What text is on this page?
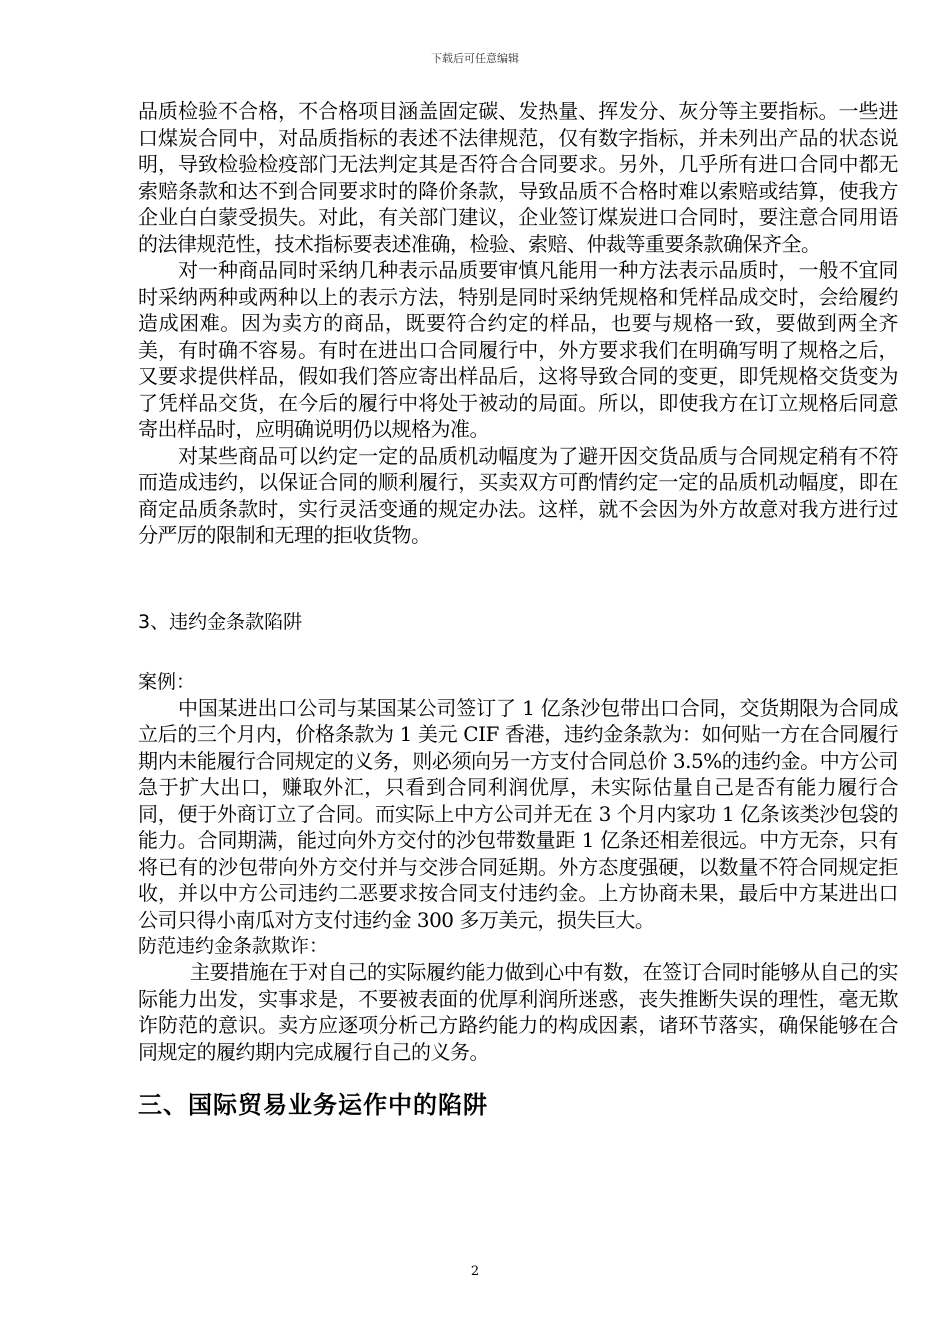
下载后可任意编辑

品质检验不合格，不合格项目涵盖固定碳、发热量、挥发分、灰分等主要指标。一些进口煤炭合同中，对品质指标的表述不法律规范，仅有数字指标，并未列出产品的状态说明，导致检验检疫部门无法判定其是否符合合同要求。另外，几乎所有进口合同中都无索赔条款和达不到合同要求时的降价条款，导致品质不合格时难以索赔或结算，使我方企业白白蒙受损失。对此，有关部门建议，企业签订煤炭进口合同时，要注意合同用语的法律规范性，技术指标要表述准确，检验、索赔、仲裁等重要条款确保齐全。

对一种商品同时采纳几种表示品质要审慎凡能用一种方法表示品质时，一般不宜同时采纳两种或两种以上的表示方法，特别是同时采纳凭规格和凭样品成交时，会给履约造成困难。因为卖方的商品，既要符合约定的样品，也要与规格一致，要做到两全齐美，有时确不容易。有时在进出口合同履行中，外方要求我们在明确写明了规格之后，又要求提供样品，假如我们答应寄出样品后，这将导致合同的变更，即凭规格交货变为了凭样品交货，在今后的履行中将处于被动的局面。所以，即使我方在订立规格后同意寄出样品时，应明确说明仍以规格为准。

对某些商品可以约定一定的品质机动幅度为了避开因交货品质与合同规定稍有不符而造成违约，以保证合同的顺利履行，买卖双方可酌情约定一定的品质机动幅度，即在商定品质条款时，实行灵活变通的规定办法。这样，就不会因为外方故意对我方进行过分严厉的限制和无理的拒收货物。

3、违约金条款陷阱

案例：

中国某进出口公司与某国某公司签订了 1 亿条沙包带出口合同，交货期限为合同成立后的三个月内，价格条款为 1 美元 CIF 香港，违约金条款为：如何贴一方在合同履行期内未能履行合同规定的义务，则必须向另一方支付合同总价 3.5%的违约金。中方公司急于扩大出口，赚取外汇，只看到合同利润优厚，未实际估量自己是否有能力履行合同，便于外商订立了合同。而实际上中方公司并无在 3 个月内家功 1 亿条该类沙包袋的能力。合同期满，能过向外方交付的沙包带数量距 1 亿条还相差很远。中方无奈，只有将已有的沙包带向外方交付并与交涉合同延期。外方态度强硬，以数量不符合同规定拒收，并以中方公司违约二恶要求按合同支付违约金。上方协商未果，最后中方某进出口公司只得小南瓜对方支付违约金 300 多万美元，损失巨大。

防范违约金条款欺诈：

主要措施在于对自己的实际履约能力做到心中有数，在签订合同时能够从自己的实际能力出发，实事求是，不要被表面的优厚利润所迷惑，丧失推断失误的理性，毫无欺诈防范的意识。卖方应逐项分析己方路约能力的构成因素，诸环节落实，确保能够在合同规定的履约期内完成履行自己的义务。

三、国际贸易业务运作中的陷阱

2
